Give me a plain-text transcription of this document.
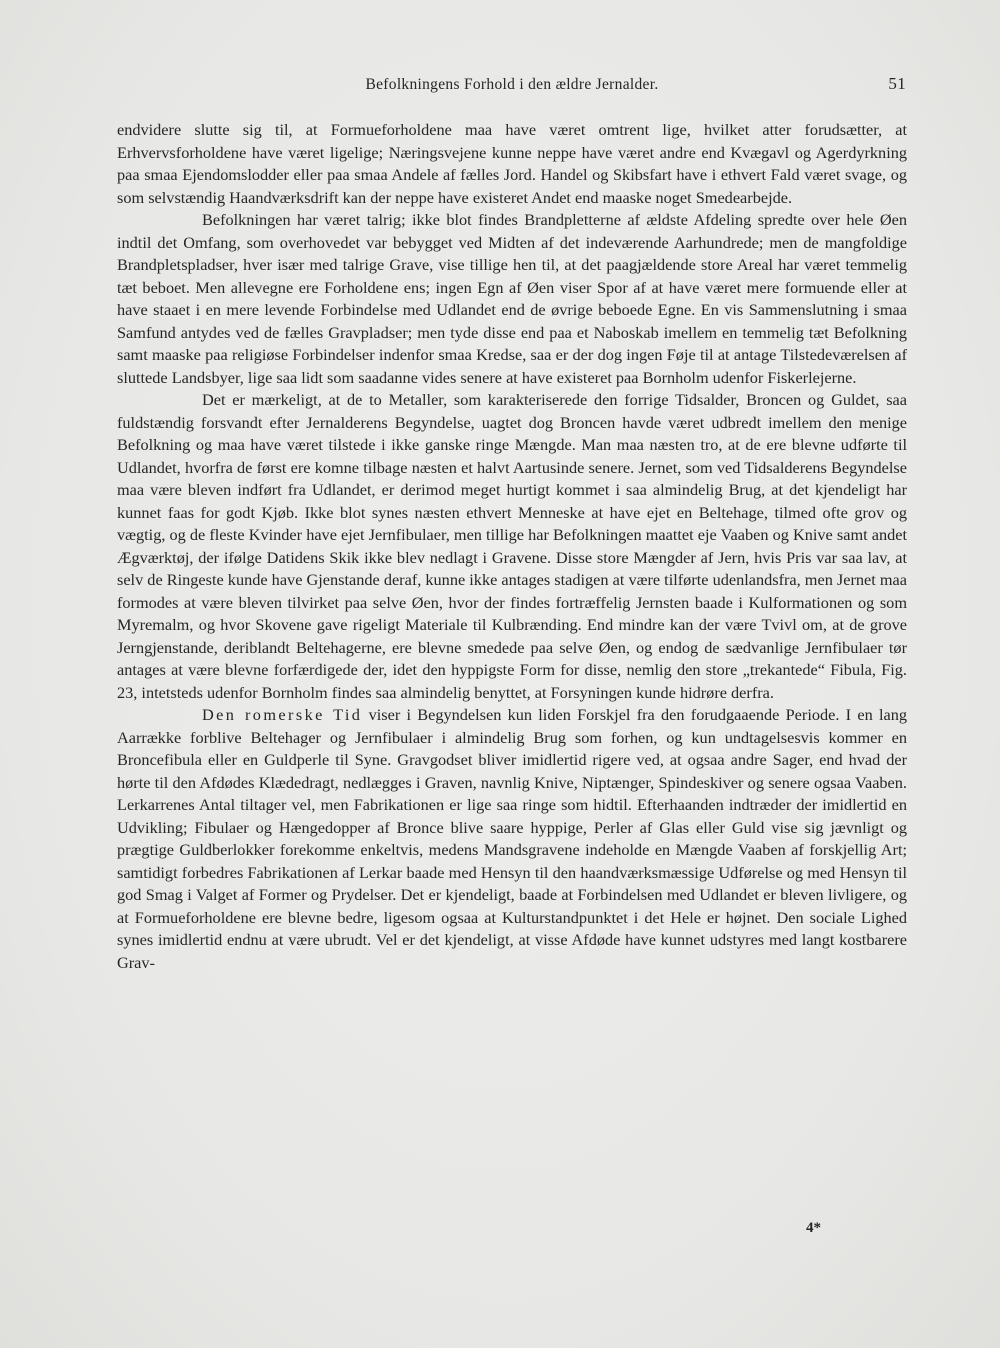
Befolkningens Forhold i den ældre Jernalder.	51

endvidere slutte sig til, at Formueforholdene maa have været omtrent lige, hvilket atter forudsætter, at Erhvervsforholdene have været ligelige; Næringsvejene kunne neppe have været andre end Kvægavl og Agerdyrkning paa smaa Ejendomslodder eller paa smaa Andele af fælles Jord. Handel og Skibsfart have i ethvert Fald været svage, og som selvstændig Haandværksdrift kan der neppe have existeret Andet end maaske noget Smedearbejde.

Befolkningen har været talrig; ikke blot findes Brandpletterne af ældste Afdeling spredte over hele Øen indtil det Omfang, som overhovedet var bebygget ved Midten af det indeværende Aarhundrede; men de mangfoldige Brandpletspladser, hver især med talrige Grave, vise tillige hen til, at det paagjældende store Areal har været temmelig tæt beboet. Men allevegne ere Forholdene ens; ingen Egn af Øen viser Spor af at have været mere formuende eller at have staaet i en mere levende Forbindelse med Udlandet end de øvrige beboede Egne. En vis Sammenslutning i smaa Samfund antydes ved de fælles Gravpladser; men tyde disse end paa et Naboskab imellem en temmelig tæt Befolkning samt maaske paa religiøse Forbindelser indenfor smaa Kredse, saa er der dog ingen Føje til at antage Tilstedeværelsen af sluttede Landsbyer, lige saa lidt som saadanne vides senere at have existeret paa Bornholm udenfor Fiskerlejerne.

Det er mærkeligt, at de to Metaller, som karakteriserede den forrige Tidsalder, Broncen og Guldet, saa fuldstændig forsvandt efter Jernalderens Begyndelse, uagtet dog Broncen havde været udbredt imellem den menige Befolkning og maa have været tilstede i ikke ganske ringe Mængde. Man maa næsten tro, at de ere blevne udførte til Udlandet, hvorfra de først ere komne tilbage næsten et halvt Aartusinde senere. Jernet, som ved Tidsalderens Begyndelse maa være bleven indført fra Udlandet, er derimod meget hurtigt kommet i saa almindelig Brug, at det kjendeligt har kunnet faas for godt Kjøb. Ikke blot synes næsten ethvert Menneske at have ejet en Beltehage, tilmed ofte grov og vægtig, og de fleste Kvinder have ejet Jernfibulaer, men tillige har Befolkningen maattet eje Vaaben og Knive samt andet Ægværktøj, der ifølge Datidens Skik ikke blev nedlagt i Gravene. Disse store Mængder af Jern, hvis Pris var saa lav, at selv de Ringeste kunde have Gjenstande deraf, kunne ikke antages stadigen at være tilførte udenlandsfra, men Jernet maa formodes at være bleven tilvirket paa selve Øen, hvor der findes fortræffelig Jernsten baade i Kulformationen og som Myremalm, og hvor Skovene gave rigeligt Materiale til Kulbrænding. End mindre kan der være Tvivl om, at de grove Jerngjenstande, deriblandt Beltehagerne, ere blevne smedede paa selve Øen, og endog de sædvanlige Jernfibulaer tør antages at være blevne forfærdigede der, idet den hyppigste Form for disse, nemlig den store „trekantede“ Fibula, Fig. 23, intetsteds udenfor Bornholm findes saa almindelig benyttet, at Forsyningen kunde hidrøre derfra.

Den romerske Tid viser i Begyndelsen kun liden Forskjel fra den forudgaaende Periode. I en lang Aarrække forblive Beltehager og Jernfibulaer i almindelig Brug som forhen, og kun undtagelsesvis kommer en Broncefibula eller en Guldperle til Syne. Gravgodset bliver imidlertid rigere ved, at ogsaa andre Sager, end hvad der hørte til den Afdødes Klædedragt, nedlægges i Graven, navnlig Knive, Niptænger, Spindeskiver og senere ogsaa Vaaben. Lerkarrenes Antal tiltager vel, men Fabrikationen er lige saa ringe som hidtil. Efterhaanden indtræder der imidlertid en Udvikling; Fibulaer og Hængedopper af Bronce blive saare hyppige, Perler af Glas eller Guld vise sig jævnligt og prægtige Guldberlokker forekomme enkeltvis, medens Mandsgravene indeholde en Mængde Vaaben af forskjellig Art; samtidigt forbedres Fabrikationen af Lerkar baade med Hensyn til den haandværksmæssige Udførelse og med Hensyn til god Smag i Valget af Former og Prydelser. Det er kjendeligt, baade at Forbindelsen med Udlandet er bleven livligere, og at Formueforholdene ere blevne bedre, ligesom ogsaa at Kulturstandpunktet i det Hele er højnet. Den sociale Lighed synes imidlertid endnu at være ubrudt. Vel er det kjendeligt, at visse Afdøde have kunnet udstyres med langt kostbarere Grav-

4*
